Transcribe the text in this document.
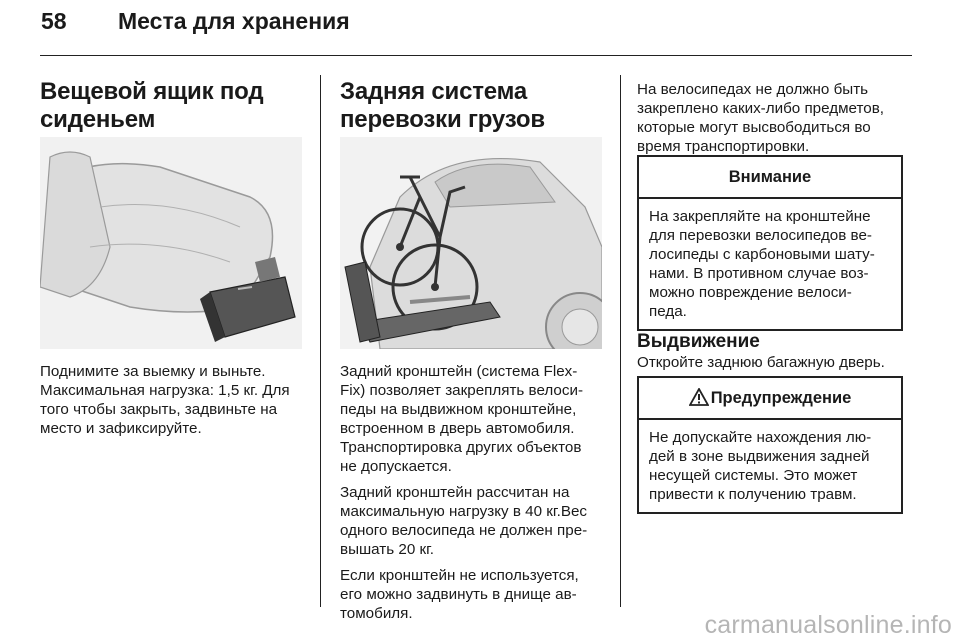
58 Места для хранения
Вещевой ящик под
сиденьем

Поднимите за выемку и выньте.
Максимальная нагрузка: 1,5 кг. Для
того чтобы закрыть, задвиньте на
место и зафиксируйте.

Задняя система
перевозки грузов

Задний кронштейн (система Flex-
Fix) позволяет закреплять велоси-
педы на выдвижном кронштейне,
встроенном в дверь автомобиля.
Транспортировка других объектов
не допускается.

Задний кронштейн рассчитан на
максимальную нагрузку в 40 кг.Вес
одного велосипеда не должен пре-
вышать 20 кг.

Если кронштейн не используется,
его можно задвинуть в днище ав-
томобиля.

На велосипедах не должно быть
закреплено каких-либо предметов,
которые могут высвободиться во
время транспортировки.

Внимание
На закрепляйте на кронштейне
для перевозки велосипедов ве-
лосипеды с карбоновыми шату-
нами. В противном случае воз-
можно повреждение велоси-
педа.
Выдвижение

Откройте заднюю багажную дверь.

Предупреждение
Не допускайте нахождения лю-
дей в зоне выдвижения задней
несущей системы. Это может
привести к получению травм.
carmanualsonline.info
